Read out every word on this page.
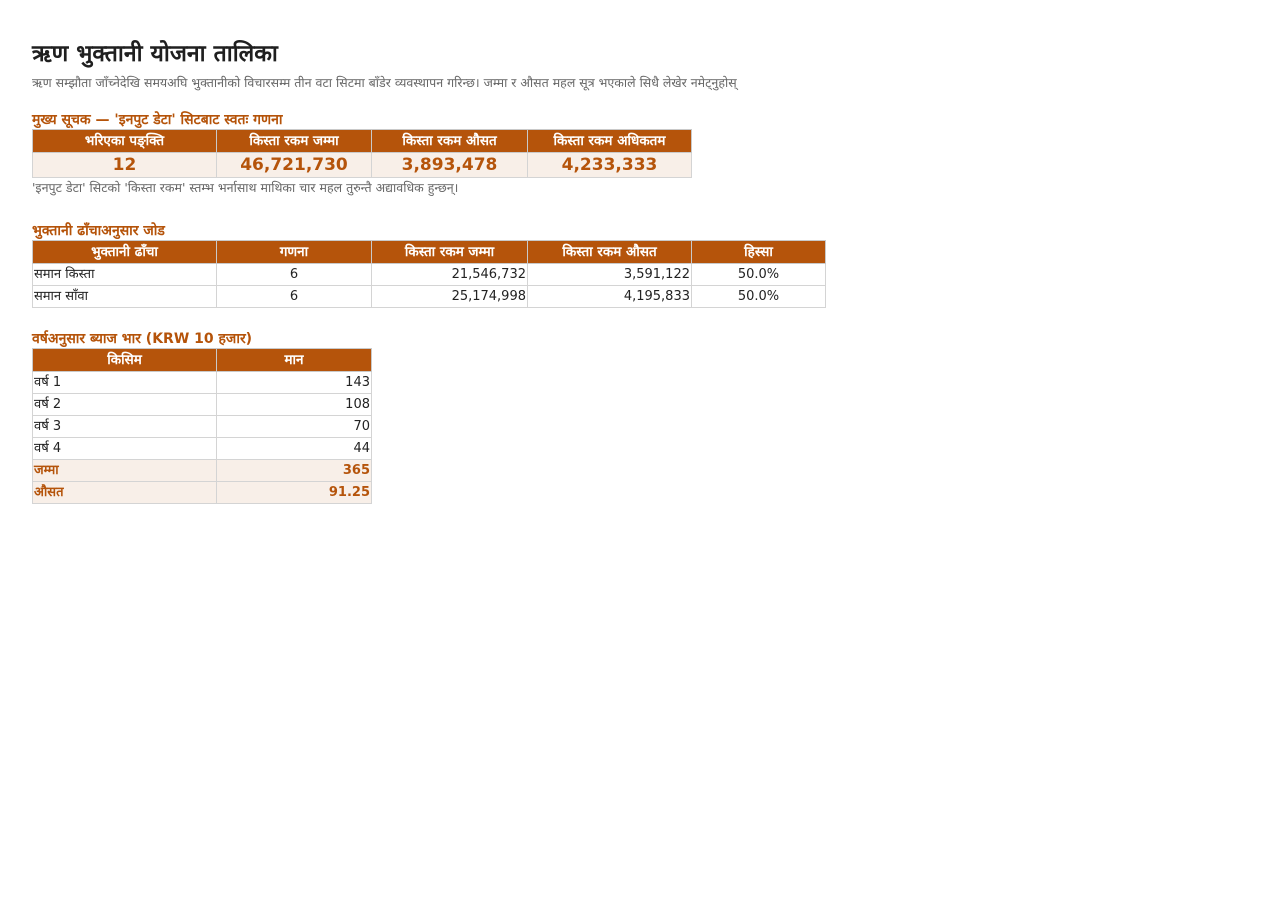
ऋण भुक्तानी योजना तालिका
ऋण सम्झौता जाँच्नेदेखि समयअघि भुक्तानीको विचारसम्म तीन वटा सिटमा बाँडेर व्यवस्थापन गरिन्छ। जम्मा र औसत महल सूत्र भएकाले सिधै लेखेर नमेट्नुहोस्
मुख्य सूचक — 'इनपुट डेटा' सिटबाट स्वतः गणना
भरिएका पङ्क्ति	किस्ता रकम जम्मा	किस्ता रकम औसत	किस्ता रकम अधिकतम
12	46,721,730	3,893,478	4,233,333
'इनपुट डेटा' सिटको 'किस्ता रकम' स्तम्भ भर्नासाथ माथिका चार महल तुरुन्तै अद्यावधिक हुन्छन्।
भुक्तानी ढाँचाअनुसार जोड
भुक्तानी ढाँचा	गणना	किस्ता रकम जम्मा	किस्ता रकम औसत	हिस्सा
समान किस्ता	6	21,546,732	3,591,122	50.0%
समान साँवा	6	25,174,998	4,195,833	50.0%
वर्षअनुसार ब्याज भार (KRW 10 हजार)
किसिम	मान
वर्ष 1	143
वर्ष 2	108
वर्ष 3	70
वर्ष 4	44
जम्मा	365
औसत	91.25
